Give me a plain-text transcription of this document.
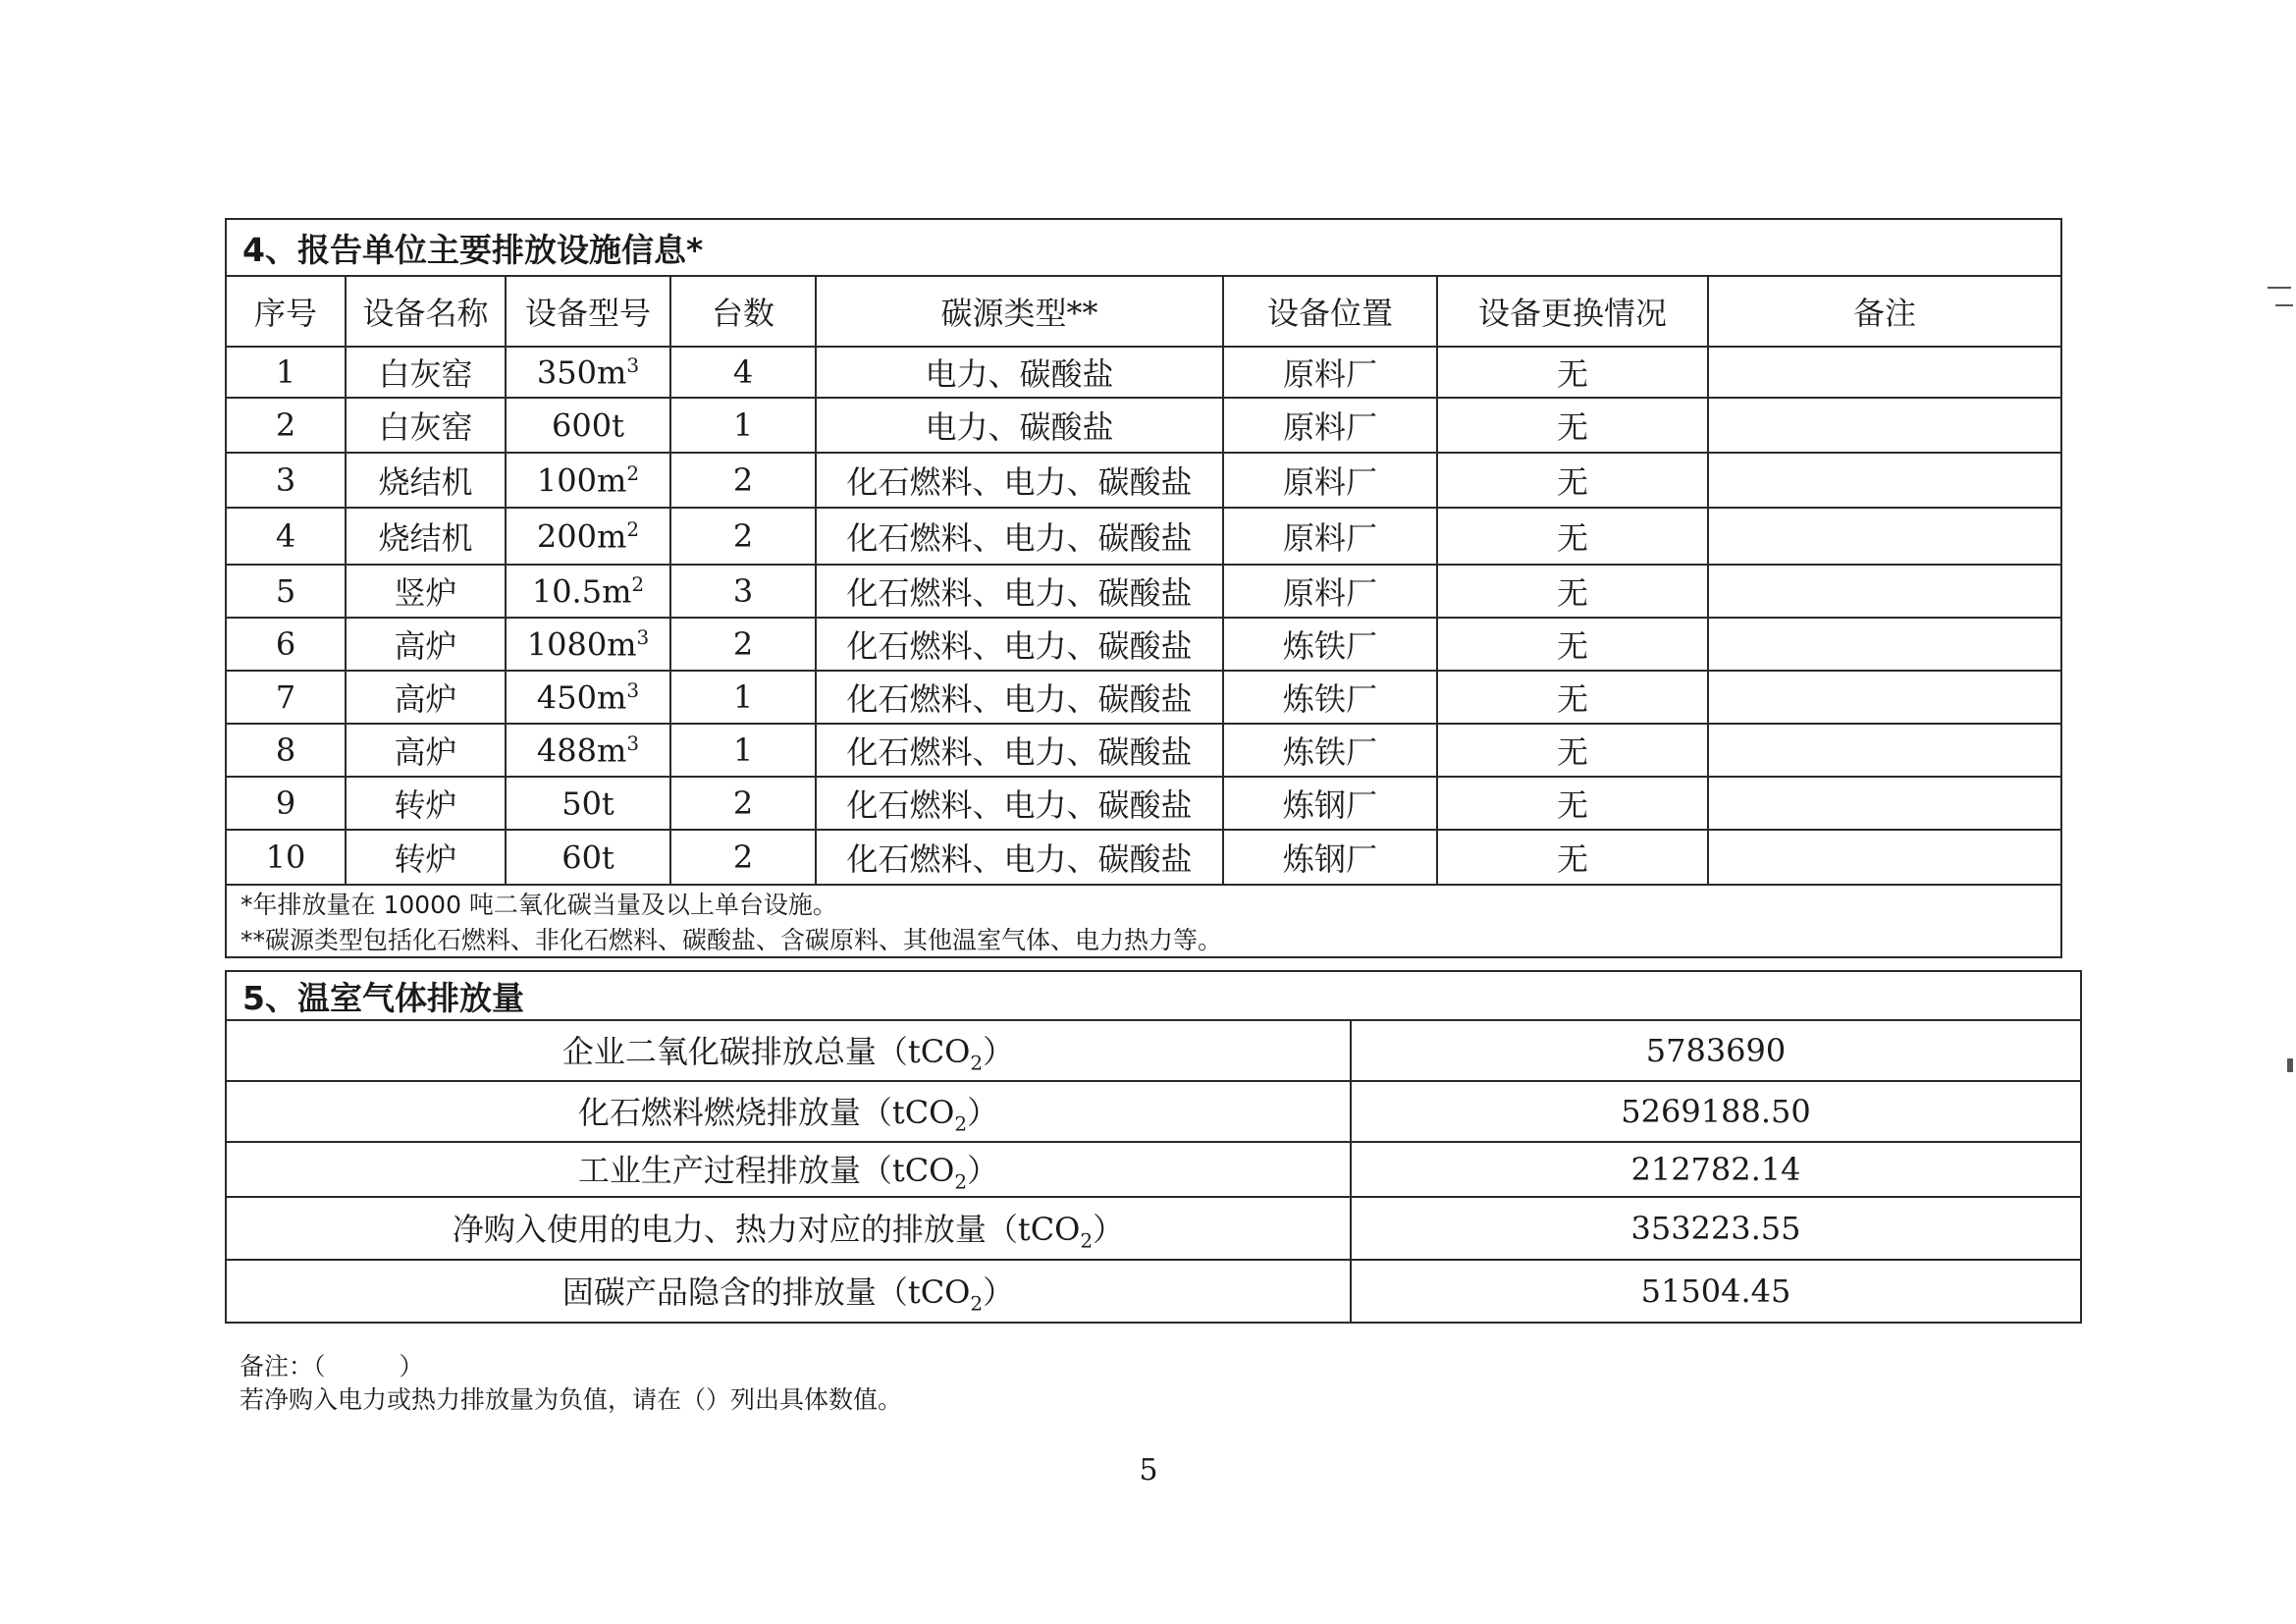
4、报告单位主要排放设施信息*							
序号	设备名称	设备型号	台数	碳源类型**	设备位置	设备更换情况	备注
1	白灰窑	$350m^3$	4	电力、碳酸盐	原料厂	无	
2	白灰窑	600t	1	电力、碳酸盐	原料厂	无	
3	烧结机	$100m^2$	2	化石燃料、电力、碳酸盐	原料厂	无	
4	烧结机	$200m^2$	2	化石燃料、电力、碳酸盐	原料厂	无	
5	竖炉	$10.5m^2$	3	化石燃料、电力、碳酸盐	原料厂	无	
6	高炉	$1080m^3$	2	化石燃料、电力、碳酸盐	炼铁厂	无	
7	高炉	$450m^3$	1	化石燃料、电力、碳酸盐	炼铁厂	无	
8	高炉	$488m^3$	1	化石燃料、电力、碳酸盐	炼铁厂	无	
9	转炉	50t	2	化石燃料、电力、碳酸盐	炼钢厂	无	
10	转炉	60t	2	化石燃料、电力、碳酸盐	炼钢厂	无	
*年排放量在 10000 吨二氧化碳当量及以上单台设施。							
**碳源类型包括化石燃料、非化石燃料、碳酸盐、含碳原料、其他温室气体、电力热力等。							
5、温室气体排放量	
企业二氧化碳排放总量（tCO$_2$）	5783690
化石燃料燃烧排放量（tCO$_2$）	5269188.50
工业生产过程排放量（tCO$_2$）	212782.14
净购入使用的电力、热力对应的排放量（tCO$_2$）	353223.55
固碳产品隐含的排放量（tCO$_2$）	51504.45
备注：（　　　）
若净购入电力或热力排放量为负值，请在（）列出具体数值。
5
